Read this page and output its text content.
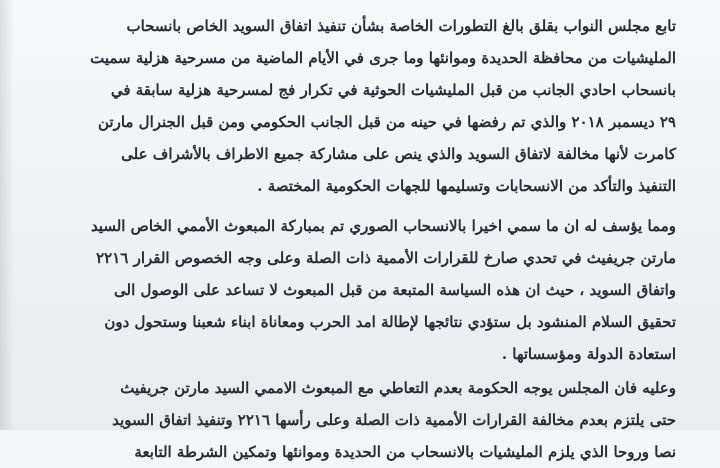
تابع مجلس النواب بقلق بالغ التطورات الخاصة بشأن تنفيذ اتفاق السويد الخاص بانسحاب
المليشيات من محافظة الحديدة وموانئها وما جرى في الأيام الماضية من مسرحية هزلية سميت
بانسحاب احادي الجانب من قبل المليشيات الحوثية في تكرار فج لمسرحية هزلية سابقة في
٢٩ ديسمبر ٢٠١٨ والذي تم رفضها في حينه من قبل الجانب الحكومي ومن قبل الجنرال مارتن
كامرت لأنها مخالفة لاتفاق السويد والذي ينص على مشاركة جميع الاطراف بالأشراف على
التنفيذ والتأكد من الانسحابات وتسليمها للجهات الحكومية المختصة .

ومما يؤسف له ان ما سمي اخيرا بالانسحاب الصوري تم بمباركة المبعوث الأممي الخاص السيد
مارتن جريفيث في تحدي صارخ للقرارات الأممية ذات الصلة وعلى وجه الخصوص القرار ٢٢١٦
واتفاق السويد ، حيث ان هذه السياسة المتبعة من قبل المبعوث لا تساعد على الوصول الى
تحقيق السلام المنشود بل ستؤدي نتائجها لإطالة امد الحرب ومعاناة ابناء شعبنا وستحول دون
استعادة الدولة ومؤسساتها .

وعليه فان المجلس يوجه الحكومة بعدم التعاطي مع المبعوث الاممي السيد مارتن جريفيث
حتى يلتزم بعدم مخالفة القرارات الأممية ذات الصلة وعلى رأسها ٢٢١٦ وتنفيذ اتفاق السويد
نصا وروحا الذي يلزم المليشيات بالانسحاب من الحديدة وموانئها وتمكين الشرطة التابعة
